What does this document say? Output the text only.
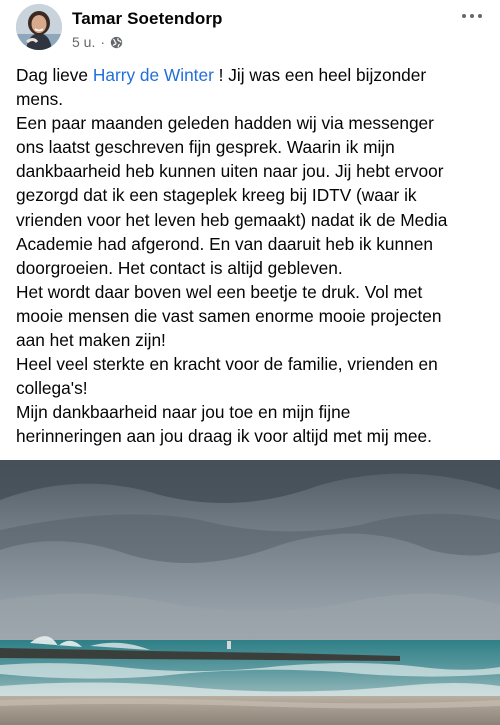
Tamar Soetendorp
5 u. ·

Dag lieve Harry de Winter ! Jij was een heel bijzonder

mens.

Een paar maanden geleden hadden wij via messenger

ons laatst geschreven fijn gesprek. Waarin ik mijn

dankbaarheid heb kunnen uiten naar jou. Jij hebt ervoor

gezorgd dat ik een stageplek kreeg bij IDTV (waar ik

vrienden voor het leven heb gemaakt) nadat ik de Media

Academie had afgerond. En van daaruit heb ik kunnen

doorgroeien. Het contact is altijd gebleven.

Het wordt daar boven wel een beetje te druk. Vol met

mooie mensen die vast samen enorme mooie projecten

aan het maken zijn!

Heel veel sterkte en kracht voor de familie, vrienden en

collega's!

Mijn dankbaarheid naar jou toe en mijn fijne

herinneringen aan jou draag ik voor altijd met mij mee.
